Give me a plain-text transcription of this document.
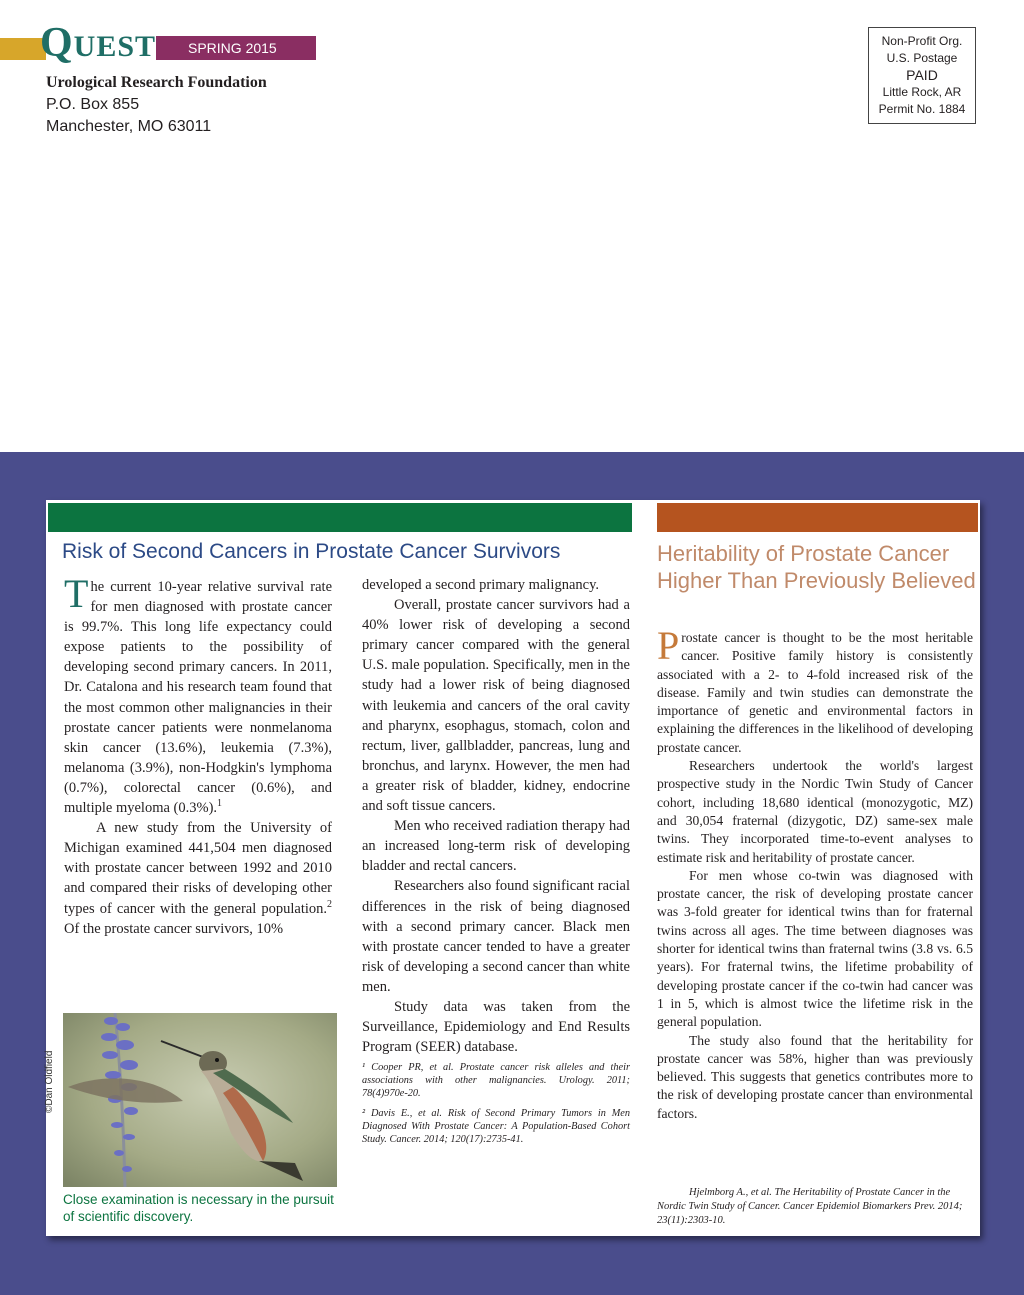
QUEST	SPRING 2015
Urological Research Foundation
P.O. Box 855
Manchester, MO 63011
Non-Profit Org.
U.S. Postage
PAID
Little Rock, AR
Permit No. 1884
Risk of Second Cancers in Prostate Cancer Survivors	Heritability of Prostate Cancer Higher Than Previously Believed

The current 10-year relative survival rate for men diagnosed with prostate cancer is 99.7%. This long life expectancy could expose patients to the possibility of developing second primary cancers. In 2011, Dr. Catalona and his research team found that the most common other malignancies in their prostate cancer patients were nonmelanoma skin cancer (13.6%), leukemia (7.3%), melanoma (3.9%), non-Hodgkin's lymphoma (0.7%), colorectal cancer (0.6%), and multiple myeloma (0.3%).$^1$

A new study from the University of Michigan examined 441,504 men diagnosed with prostate cancer between 1992 and 2010 and compared their risks of developing other types of cancer with the general population.$^2$ Of the prostate cancer survivors, 10%

©Dan Oldfield
Close examination is necessary in the pursuit of scientific discovery.

developed a second primary malignancy.

Overall, prostate cancer survivors had a 40% lower risk of developing a second primary cancer compared with the general U.S. male population. Specifically, men in the study had a lower risk of being diagnosed with leukemia and cancers of the oral cavity and pharynx, esophagus, stomach, colon and rectum, liver, gallbladder, pancreas, lung and bronchus, and larynx. However, the men had a greater risk of bladder, kidney, endocrine and soft tissue cancers.

Men who received radiation therapy had an increased long-term risk of developing bladder and rectal cancers.

Researchers also found significant racial differences in the risk of being diagnosed with a second primary cancer. Black men with prostate cancer tended to have a greater risk of developing a second cancer than white men.

Study data was taken from the Surveillance, Epidemiology and End Results Program (SEER) database.

¹ Cooper PR, et al. Prostate cancer risk alleles and their associations with other malignancies. Urology. 2011; 78(4)970e-20.

² Davis E., et al. Risk of Second Primary Tumors in Men Diagnosed With Prostate Cancer: A Population-Based Cohort Study. Cancer. 2014; 120(17):2735-41.

Prostate cancer is thought to be the most heritable cancer. Positive family history is consistently associated with a 2- to 4-fold increased risk of the disease. Family and twin studies can demonstrate the importance of genetic and environmental factors in explaining the differences in the likelihood of developing prostate cancer.

Researchers undertook the world's largest prospective study in the Nordic Twin Study of Cancer cohort, including 18,680 identical (monozygotic, MZ) and 30,054 fraternal (dizygotic, DZ) same-sex male twins. They incorporated time-to-event analyses to estimate risk and heritability of prostate cancer.

For men whose co-twin was diagnosed with prostate cancer, the risk of developing prostate cancer was 3-fold greater for identical twins than for fraternal twins across all ages. The time between diagnoses was shorter for identical twins than fraternal twins (3.8 vs. 6.5 years). For fraternal twins, the lifetime probability of developing prostate cancer if the co-twin had cancer was 1 in 5, which is almost twice the lifetime risk in the general population.

The study also found that the heritability for prostate cancer was 58%, higher than was previously believed. This suggests that genetics contributes more to the risk of developing prostate cancer than environmental factors.

Hjelmborg A., et al. The Heritability of Prostate Cancer in the Nordic Twin Study of Cancer. Cancer Epidemiol Biomarkers Prev. 2014; 23(11):2303-10.
